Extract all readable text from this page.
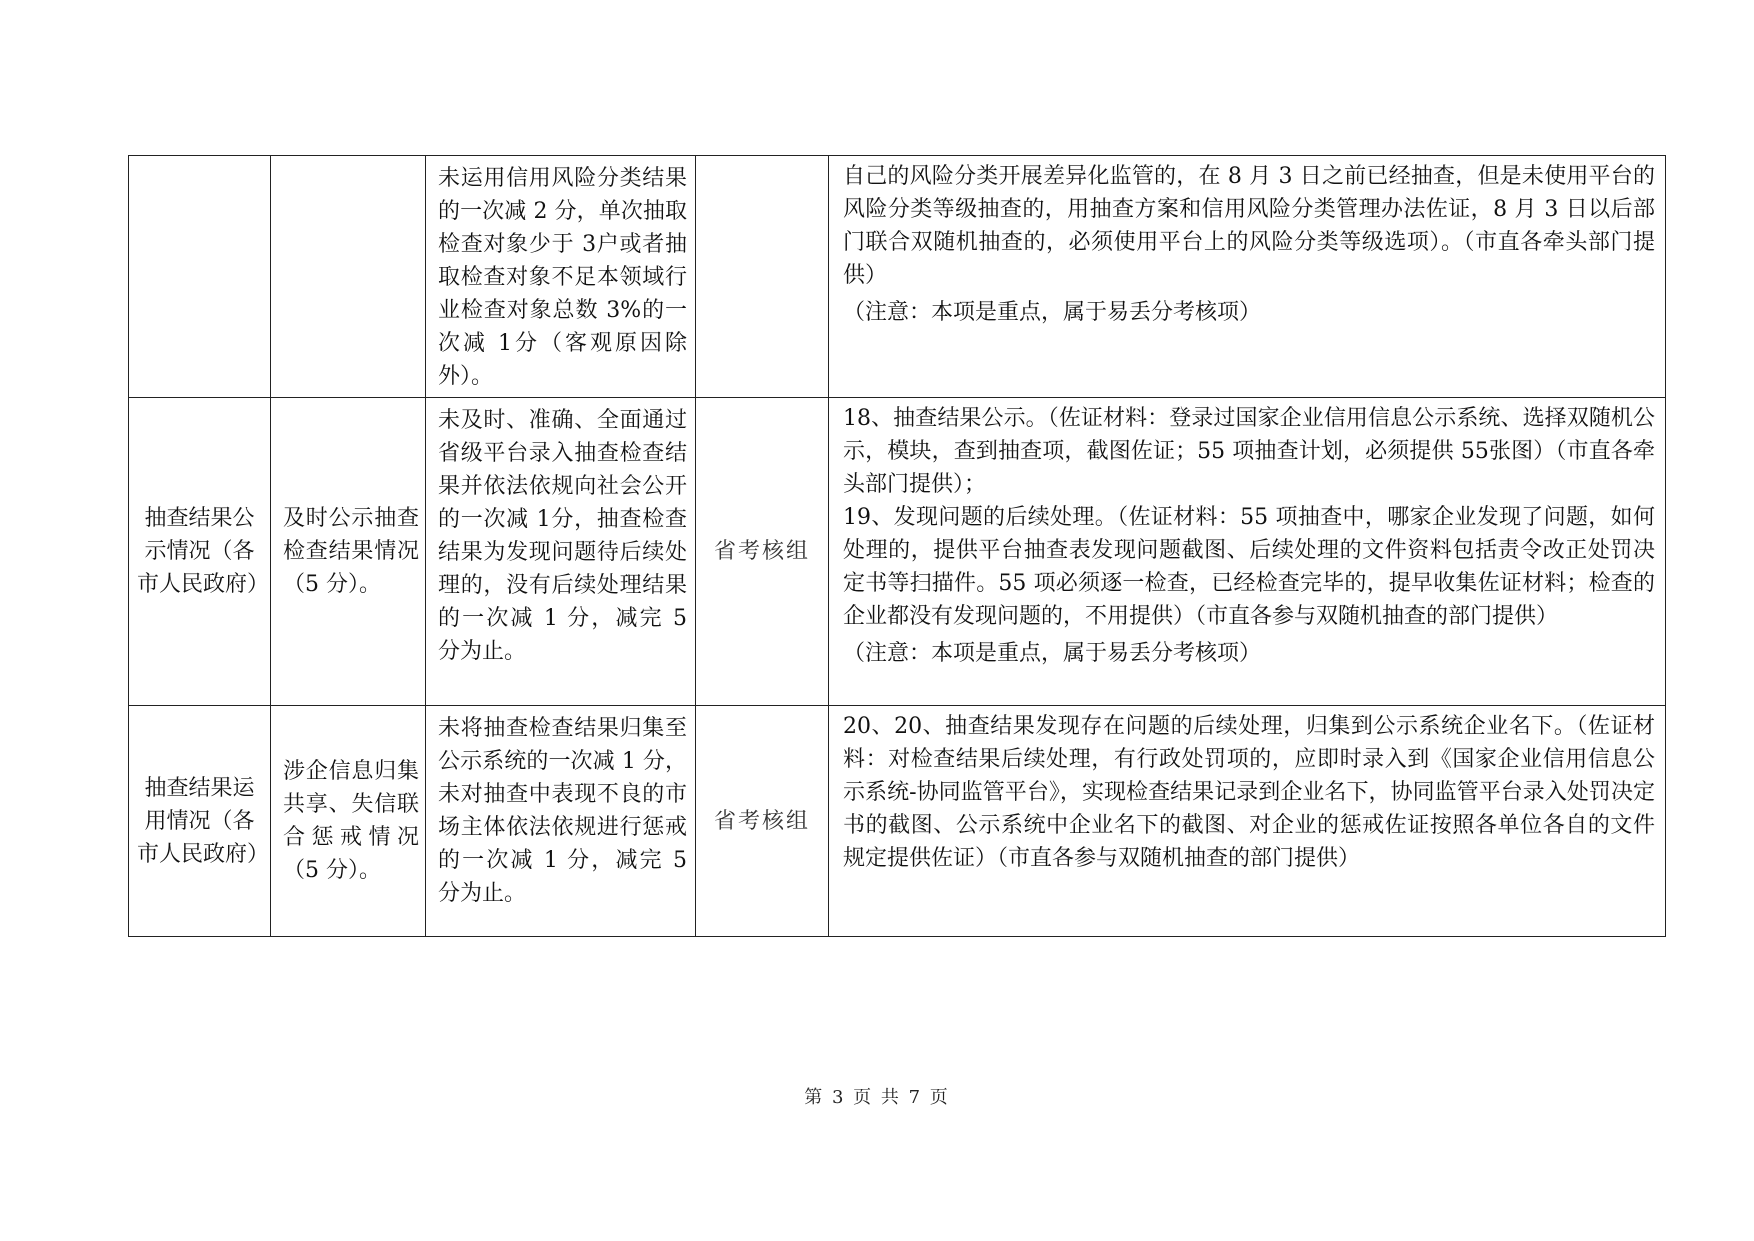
		未运用信用风险分类结果的一次减 2 分，单次抽取检查对象少于 3户或者抽取检查对象不足本领域行业检查对象总数 3%的一次减 1分（客观原因除外）。		自己的风险分类开展差异化监管的，在 8 月 3 日之前已经抽查，但是未使用平台的风险分类等级抽查的，用抽查方案和信用风险分类管理办法佐证，8 月 3 日以后部门联合双随机抽查的，必须使用平台上的风险分类等级选项）。（市直各牵头部门提供）
（注意：本项是重点，属于易丢分考核项）

抽查结果公示情况（各市人民政府）	及时公示抽查检查结果情况（5 分）。	未及时、准确、全面通过省级平台录入抽查检查结果并依法依规向社会公开的一次减 1分，抽查检查结果为发现问题待后续处理的，没有后续处理结果的一次减 1 分，减完 5 分为止。	省考核组	18、抽查结果公示。（佐证材料：登录过国家企业信用信息公示系统、选择双随机公示，模块，查到抽查项，截图佐证；55 项抽查计划，必须提供 55张图）（市直各牵头部门提供）；
19、发现问题的后续处理。（佐证材料：55 项抽查中，哪家企业发现了问题，如何处理的，提供平台抽查表发现问题截图、后续处理的文件资料包括责令改正处罚决定书等扫描件。55 项必须逐一检查，已经检查完毕的，提早收集佐证材料；检查的企业都没有发现问题的，不用提供）（市直各参与双随机抽查的部门提供）
（注意：本项是重点，属于易丢分考核项）

抽查结果运用情况（各市人民政府）	涉企信息归集共享、失信联合惩戒情况（5 分）。	未将抽查检查结果归集至公示系统的一次减 1 分，未对抽查中表现不良的市场主体依法依规进行惩戒的一次减 1 分，减完 5 分为止。	省考核组	20、20、抽查结果发现存在问题的后续处理，归集到公示系统企业名下。（佐证材料：对检查结果后续处理，有行政处罚项的，应即时录入到《国家企业信用信息公示系统-协同监管平台》，实现检查结果记录到企业名下，协同监管平台录入处罚决定书的截图、公示系统中企业名下的截图、对企业的惩戒佐证按照各单位各自的文件规定提供佐证）（市直各参与双随机抽查的部门提供）
第 3 页 共 7 页
